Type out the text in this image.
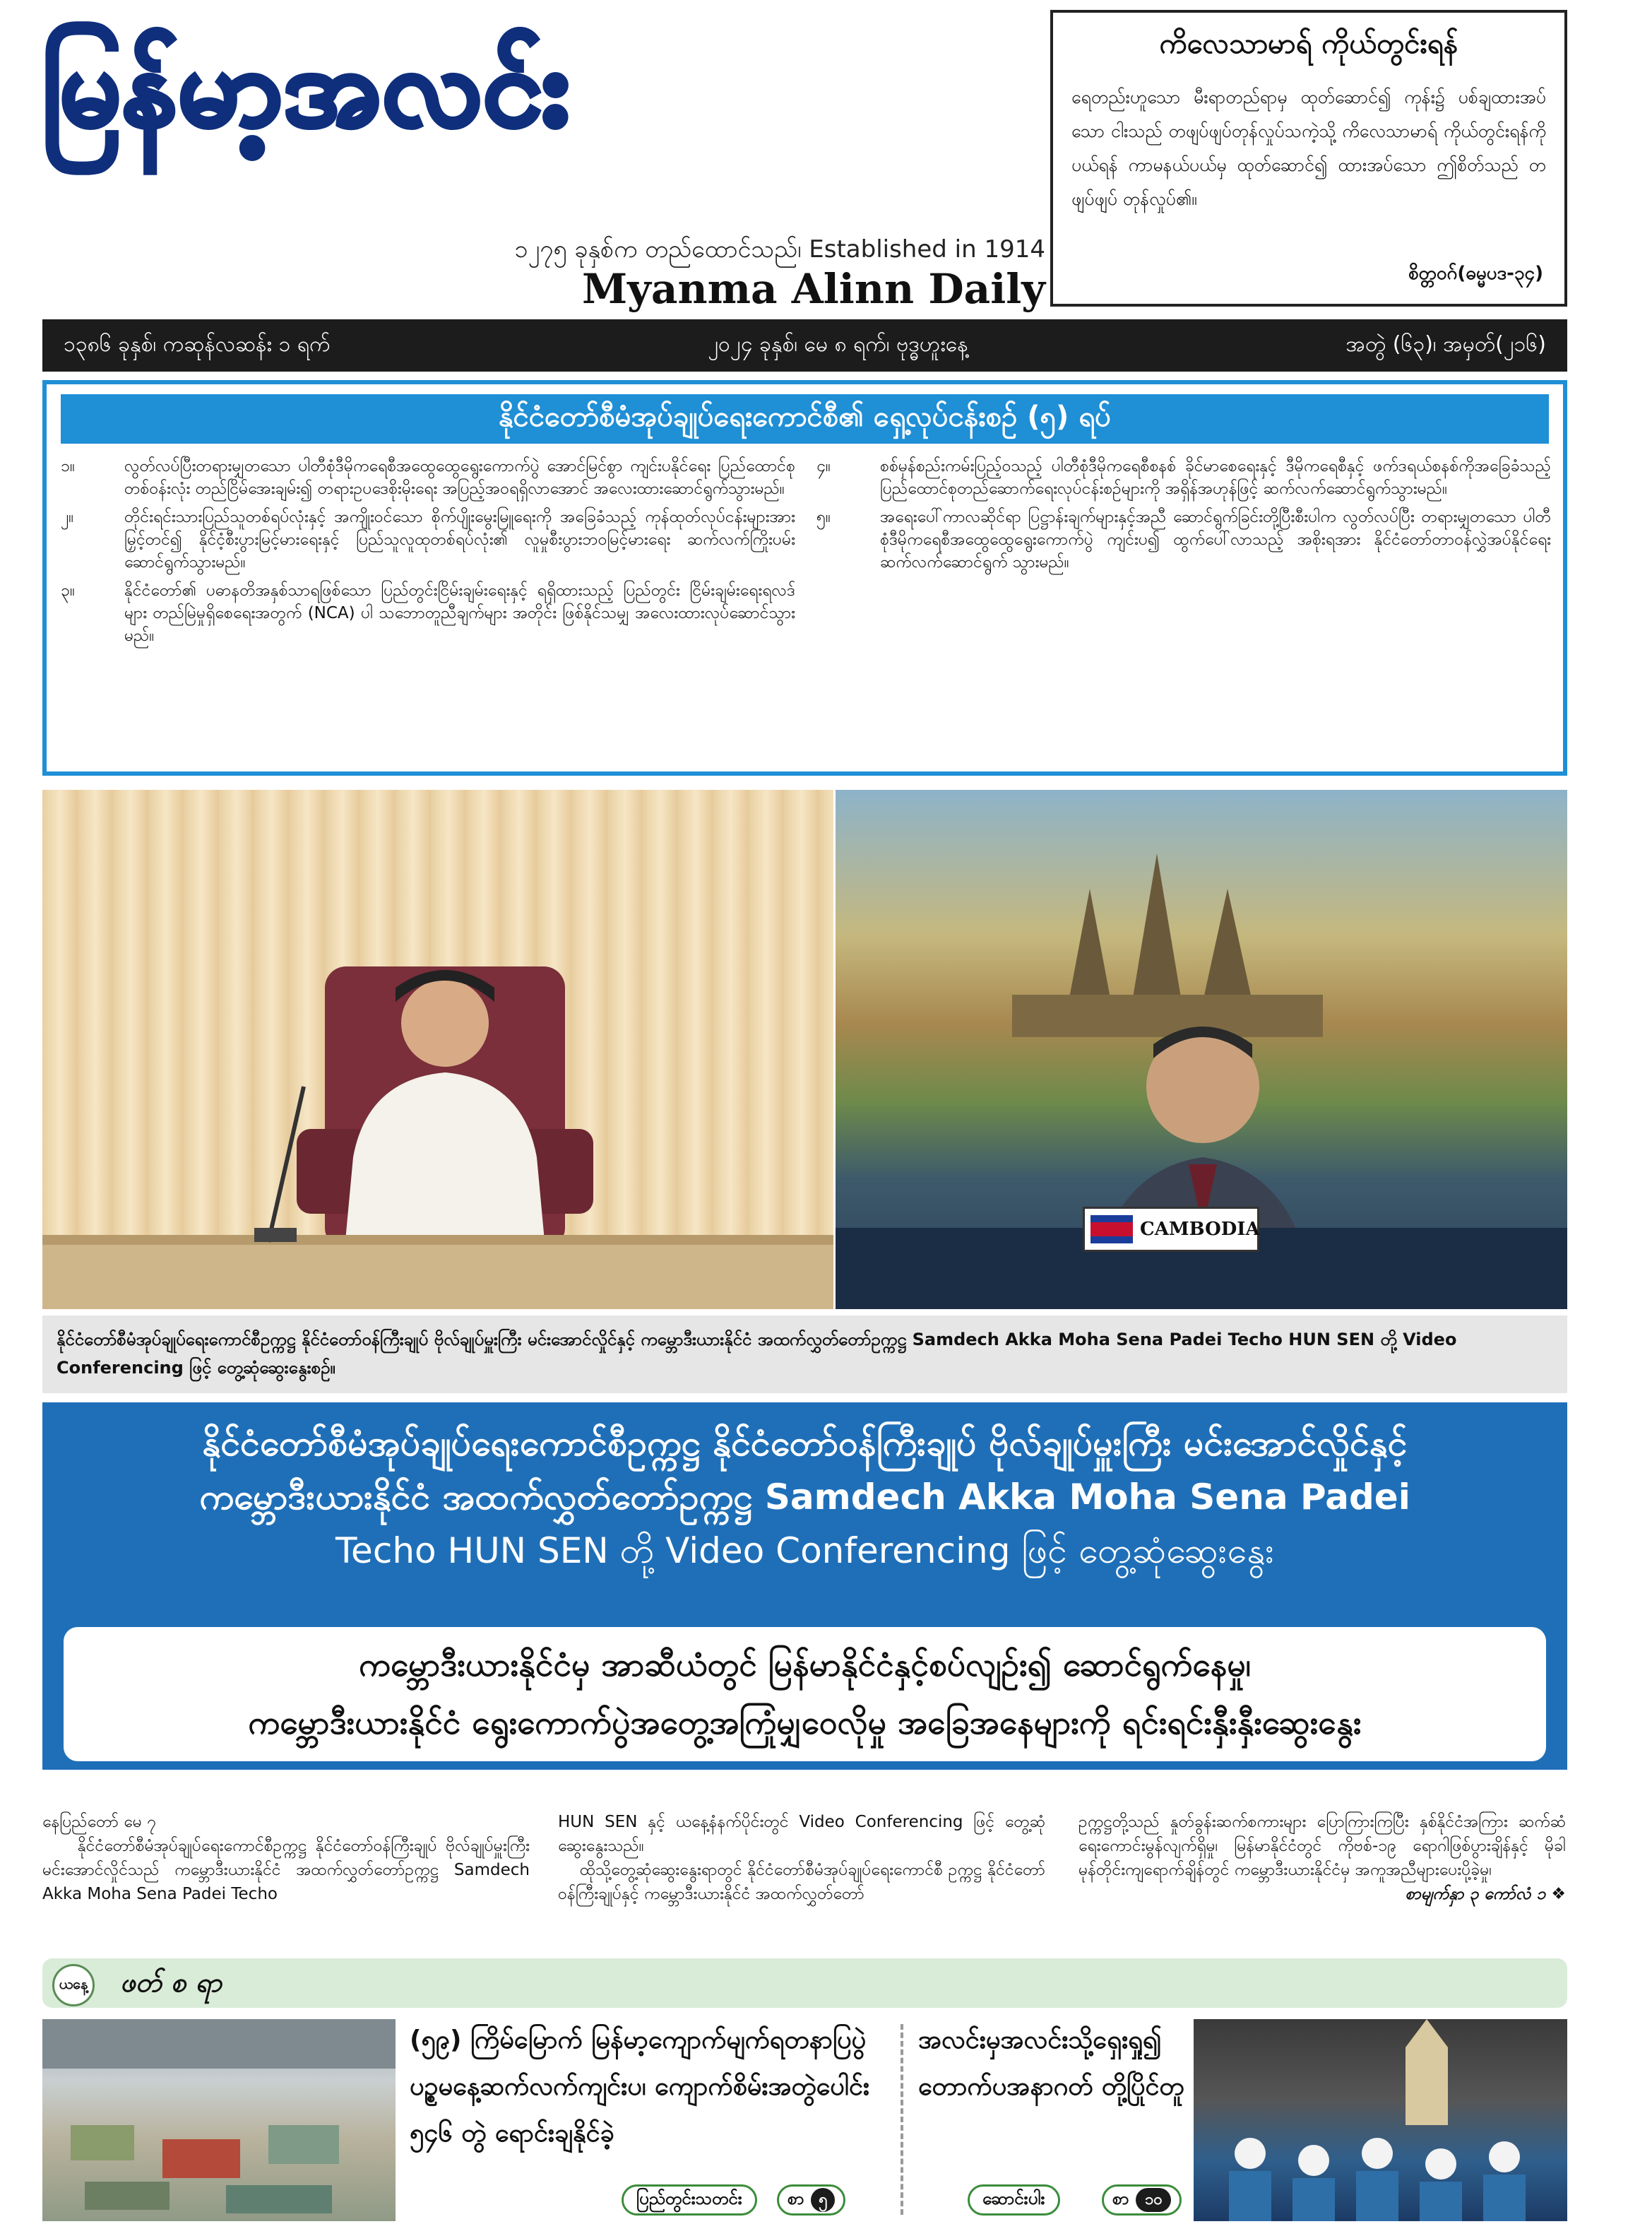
မြန်မာ့အလင်း
၁၂၇၅ ခုနှစ်က တည်ထောင်သည်၊ Established in 1914
Myanma Alinn Daily
ကိလေသာမာရ် ကိုယ်တွင်းရန်
ရေတည်းဟူသော မီးရာတည်ရာမှ ထုတ်ဆောင်၍ ကုန်း၌ ပစ်ချထားအပ်သော ငါးသည် တဖျပ်ဖျပ်တုန်လှုပ်သကဲ့သို့ ကိလေသာမာရ် ကိုယ်တွင်းရန်ကို ပယ်ရန် ကာမနယ်ပယ်မှ ထုတ်ဆောင်၍ ထားအပ်သော ဤစိတ်သည် တဖျပ်ဖျပ် တုန်လှုပ်၏။
စိတ္တဝဂ်(ဓမ္မပဒ-၃၄)
၁၃၈၆ ခုနှစ်၊ ကဆုန်လဆန်း ၁ ရက်	၂၀၂၄ ခုနှစ်၊ မေ ၈ ရက်၊ ဗုဒ္ဓဟူးနေ့	အတွဲ (၆၃)၊ အမှတ်(၂၁၆)
နိုင်ငံတော်စီမံအုပ်ချုပ်ရေးကောင်စီ၏ ရှေ့လုပ်ငန်းစဉ် (၅) ရပ်
၁။	လွတ်လပ်ပြီးတရားမျှတသော ပါတီစုံဒီမိုကရေစီအထွေထွေရွေးကောက်ပွဲ အောင်မြင်စွာ ကျင်းပနိုင်ရေး ပြည်ထောင်စုတစ်ဝန်းလုံး တည်ငြိမ်အေးချမ်း၍ တရားဥပဒေစိုးမိုးရေး အပြည့်အဝရရှိလာအောင် အလေးထားဆောင်ရွက်သွားမည်။
၂။	တိုင်းရင်းသားပြည်သူတစ်ရပ်လုံးနှင့် အကျိုးဝင်သော စိုက်ပျိုးမွေးမြူရေးကို အခြေခံသည့် ကုန်ထုတ်လုပ်ငန်းများအားမြှင့်တင်၍ နိုင်ငံ့စီးပွားမြင့်မားရေးနှင့် ပြည်သူလူထုတစ်ရပ်လုံး၏ လူမှုစီးပွားဘဝမြင့်မားရေး ဆက်လက်ကြိုးပမ်းဆောင်ရွက်သွားမည်။
၃။	နိုင်ငံတော်၏ ပဓာနတိအနှစ်သာရဖြစ်သော ပြည်တွင်းငြိမ်းချမ်းရေးနှင့် ရရှိထားသည့် ပြည်တွင်း ငြိမ်းချမ်းရေးရလဒ်များ တည်မြဲမှုရှိစေရေးအတွက် (NCA) ပါ သဘောတူညီချက်များ အတိုင်း ဖြစ်နိုင်သမျှ အလေးထားလုပ်ဆောင်သွားမည်။
၄။	စစ်မှန်စည်းကမ်းပြည့်ဝသည့် ပါတီစုံဒီမိုကရေစီစနစ် ခိုင်မာစေရေးနှင့် ဒီမိုကရေစီနှင့် ဖက်ဒရယ်စနစ်ကိုအခြေခံသည့် ပြည်ထောင်စုတည်ဆောက်ရေးလုပ်ငန်းစဉ်များကို အရှိန်အဟုန်ဖြင့် ဆက်လက်ဆောင်ရွက်သွားမည်။
၅။	အရေးပေါ်ကာလဆိုင်ရာ ပြဋ္ဌာန်းချက်များနှင့်အညီ ဆောင်ရွက်ခြင်းတို့ပြီးစီးပါက လွတ်လပ်ပြီး တရားမျှတသော ပါတီစုံဒီမိုကရေစီအထွေထွေရွေးကောက်ပွဲ ကျင်းပ၍ ထွက်ပေါ်လာသည့် အစိုးရအား နိုင်ငံတော်တာဝန်လွှဲအပ်နိုင်ရေး ဆက်လက်ဆောင်ရွက် သွားမည်။
CAMBODIA
နိုင်ငံတော်စီမံအုပ်ချုပ်ရေးကောင်စီဥက္ကဋ္ဌ နိုင်ငံတော်ဝန်ကြီးချုပ် ဗိုလ်ချုပ်မှူးကြီး မင်းအောင်လှိုင်နှင့် ကမ္ဘောဒီးယားနိုင်ငံ အထက်လွှတ်တော်ဥက္ကဋ္ဌ Samdech Akka Moha Sena Padei Techo HUN SEN တို့ Video Conferencing ဖြင့် တွေ့ဆုံဆွေးနွေးစဉ်။
နိုင်ငံတော်စီမံအုပ်ချုပ်ရေးကောင်စီဥက္ကဋ္ဌ နိုင်ငံတော်ဝန်ကြီးချုပ် ဗိုလ်ချုပ်မှူးကြီး မင်းအောင်လှိုင်နှင့်
ကမ္ဘောဒီးယားနိုင်ငံ အထက်လွှတ်တော်ဥက္ကဋ္ဌ Samdech Akka Moha Sena Padei
Techo HUN SEN တို့ Video Conferencing ဖြင့် တွေ့ဆုံဆွေးနွေး
ကမ္ဘောဒီးယားနိုင်ငံမှ အာဆီယံတွင် မြန်မာနိုင်ငံနှင့်စပ်လျဉ်း၍ ဆောင်ရွက်နေမှု၊
ကမ္ဘောဒီးယားနိုင်ငံ ရွေးကောက်ပွဲအတွေ့အကြုံမျှဝေလိုမှု အခြေအနေများကို ရင်းရင်းနှီးနှီးဆွေးနွေး
နေပြည်တော် မေ ၇
နိုင်ငံတော်စီမံအုပ်ချုပ်ရေးကောင်စီဥက္ကဋ္ဌ နိုင်ငံတော်ဝန်ကြီးချုပ် ဗိုလ်ချုပ်မှူးကြီး မင်းအောင်လှိုင်သည် ကမ္ဘောဒီးယားနိုင်ငံ အထက်လွှတ်တော်ဥက္ကဋ္ဌ Samdech Akka Moha Sena Padei Techo
HUN SEN နှင့် ယနေ့နံနက်ပိုင်းတွင် Video Conferencing ဖြင့် တွေ့ဆုံဆွေးနွေးသည်။
ထိုသို့တွေ့ဆုံဆွေးနွေးရာတွင် နိုင်ငံတော်စီမံအုပ်ချုပ်ရေးကောင်စီ ဥက္ကဋ္ဌ နိုင်ငံတော်ဝန်ကြီးချုပ်နှင့် ကမ္ဘောဒီးယားနိုင်ငံ အထက်လွှတ်တော်
ဥက္ကဋ္ဌတို့သည် နှုတ်ခွန်းဆက်စကားများ ပြောကြားကြပြီး နှစ်နိုင်ငံအကြား ဆက်ဆံရေးကောင်းမွန်လျက်ရှိမှု၊ မြန်မာနိုင်ငံတွင် ကိုဗစ်-၁၉ ရောဂါဖြစ်ပွားချိန်နှင့် မိုခါမုန်တိုင်းကျရောက်ချိန်တွင် ကမ္ဘောဒီးယားနိုင်ငံမှ အကူအညီများပေးပို့ခဲ့မှု၊
စာမျက်နှာ ၃ ကော်လံ ၁ ❖
ယနေ့ ဖတ် စ ရာ
(၅၉) ကြိမ်မြောက် မြန်မာ့ကျောက်မျက်ရတနာပြပွဲ
ပဉ္စမနေ့ဆက်လက်ကျင်းပ၊ ကျောက်စိမ်းအတွဲပေါင်း
၅၄၆ တွဲ ရောင်းချနိုင်ခဲ့
ပြည်တွင်းသတင်း	စာ ၅
အလင်းမှအလင်းသို့ရှေးရှု၍
တောက်ပအနာဂတ် တို့ပြိုင်တူ
ဆောင်းပါး	စာ	၁၀
